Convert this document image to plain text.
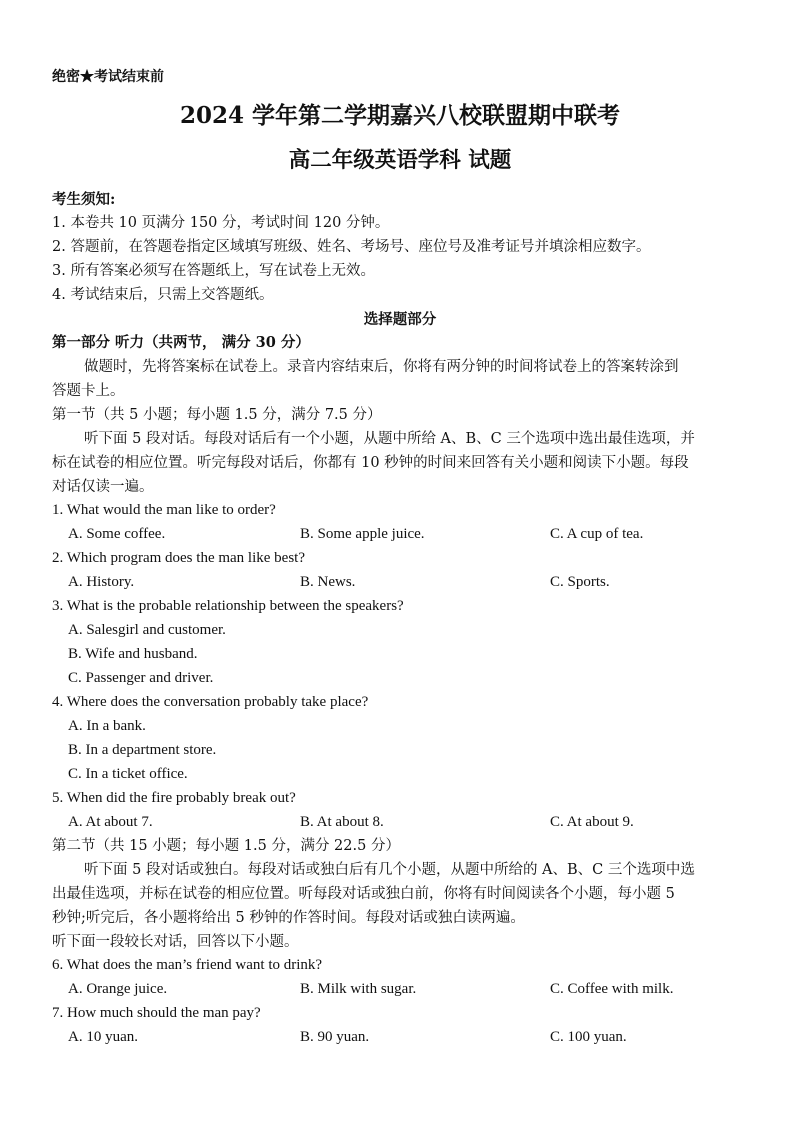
绝密★考试结束前
2024 学年第二学期嘉兴八校联盟期中联考
高二年级英语学科 试题
考生须知:
1. 本卷共 10 页满分 150 分，考试时间 120 分钟。
2. 答题前，在答题卷指定区域填写班级、姓名、考场号、座位号及准考证号并填涂相应数字。
3. 所有答案必须写在答题纸上，写在试卷上无效。
4. 考试结束后，只需上交答题纸。
选择题部分
第一部分 听力（共两节， 满分 30 分）
做题时，先将答案标在试卷上。录音内容结束后，你将有两分钟的时间将试卷上的答案转涂到
答题卡上。
第一节（共 5 小题；每小题 1.5 分，满分 7.5 分）
听下面 5 段对话。每段对话后有一个小题，从题中所给 A、B、C 三个选项中选出最佳选项，并
标在试卷的相应位置。听完每段对话后，你都有 10 秒钟的时间来回答有关小题和阅读下小题。每段
对话仅读一遍。
1. What would the man like to order?
A. Some coffee.	B. Some apple juice.	C. A cup of tea.
2. Which program does the man like best?
A. History.	B. News.	C. Sports.
3. What is the probable relationship between the speakers?
A. Salesgirl and customer.
B. Wife and husband.
C. Passenger and driver.
4. Where does the conversation probably take place?
A. In a bank.
B. In a department store.
C. In a ticket office.
5. When did the fire probably break out?
A. At about 7.	B. At about 8.	C. At about 9.
第二节（共 15 小题；每小题 1.5 分，满分 22.5 分）
听下面 5 段对话或独白。每段对话或独白后有几个小题，从题中所给的 A、B、C 三个选项中选
出最佳选项，并标在试卷的相应位置。听每段对话或独白前，你将有时间阅读各个小题，每小题 5
秒钟;听完后，各小题将给出 5 秒钟的作答时间。每段对话或独白读两遍。
听下面一段较长对话，回答以下小题。
6. What does the man’s friend want to drink?
A. Orange juice.	B. Milk with sugar.	C. Coffee with milk.
7. How much should the man pay?
A. 10 yuan.	B. 90 yuan.	C. 100 yuan.
